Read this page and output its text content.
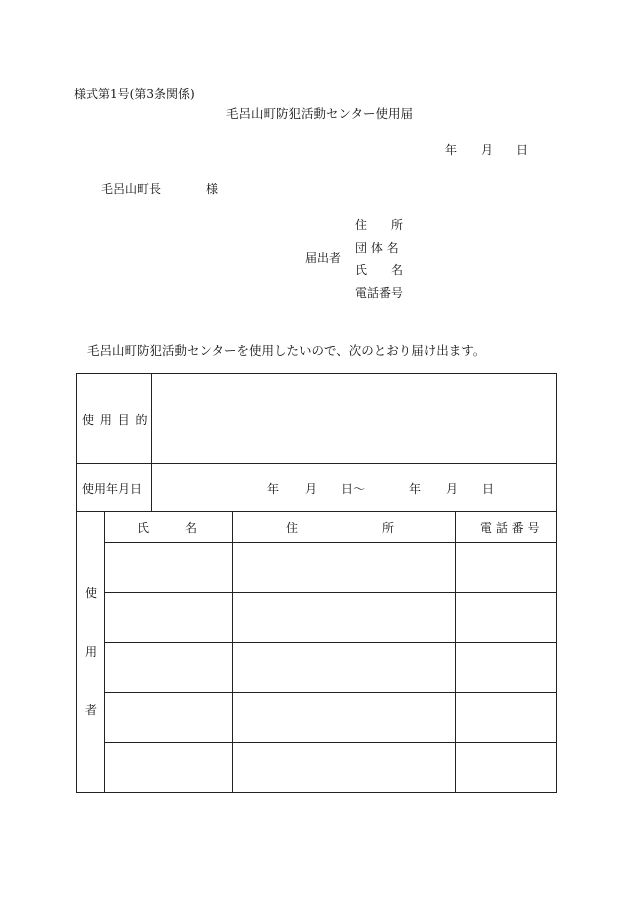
様式第1号(第3条関係)
毛呂山町防犯活動センター使用届
年 月 日
毛呂山町長	様
届出者
住　　所
団 体 名
氏　　名
電話番号
毛呂山町防犯活動センターを使用したいので、次のとおり届け出ます。
使 用 目 的
使用年月日	年 月 日〜	年 月 日
使
用
者
氏　　　名	住　　　　　　　所	電 話 番 号
